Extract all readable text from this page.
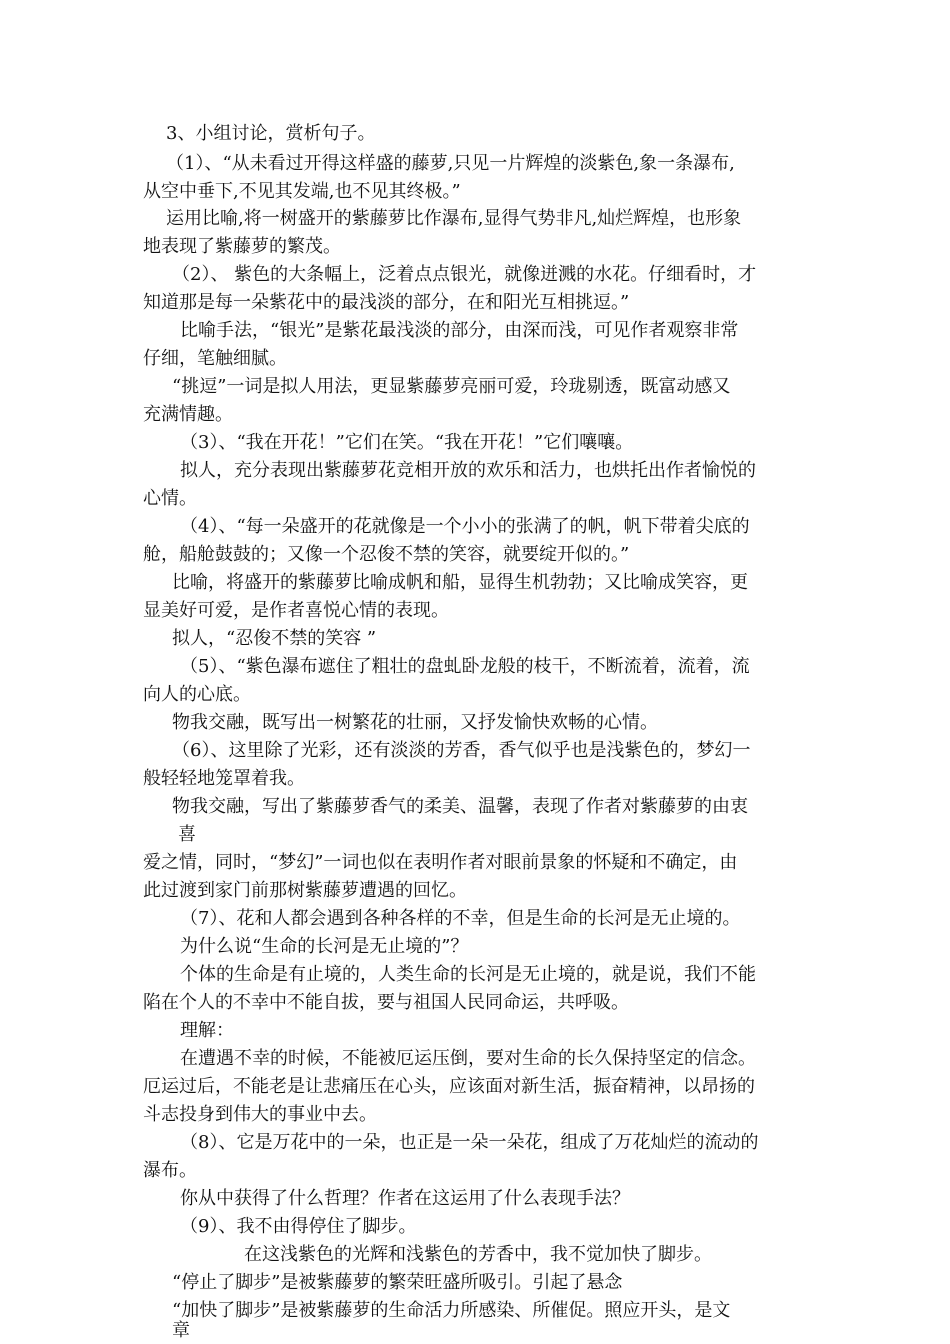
3、小组讨论，赏析句子。
（1）、“从未看过开得这样盛的藤萝,只见一片辉煌的淡紫色,象一条瀑布,
从空中垂下,不见其发端,也不见其终极。”
运用比喻,将一树盛开的紫藤萝比作瀑布,显得气势非凡,灿烂辉煌，也形象
地表现了紫藤萝的繁茂。
（2）、 紫色的大条幅上，泛着点点银光，就像迸溅的水花。仔细看时，才
知道那是每一朵紫花中的最浅淡的部分，在和阳光互相挑逗。”
比喻手法，“银光”是紫花最浅淡的部分，由深而浅，可见作者观察非常
仔细，笔触细腻。
“挑逗”一词是拟人用法，更显紫藤萝亮丽可爱，玲珑剔透，既富动感又
充满情趣。
（3）、“我在开花！”它们在笑。“我在开花！”它们嚷嚷。
拟人，充分表现出紫藤萝花竞相开放的欢乐和活力，也烘托出作者愉悦的
心情。
（4）、“每一朵盛开的花就像是一个小小的张满了的帆，帆下带着尖底的
舱，船舱鼓鼓的；又像一个忍俊不禁的笑容，就要绽开似的。”
比喻，将盛开的紫藤萝比喻成帆和船，显得生机勃勃；又比喻成笑容，更
显美好可爱，是作者喜悦心情的表现。
拟人，“忍俊不禁的笑容 ”
（5）、“紫色瀑布遮住了粗壮的盘虬卧龙般的枝干，不断流着，流着，流
向人的心底。
物我交融，既写出一树繁花的壮丽，又抒发愉快欢畅的心情。
（6）、这里除了光彩，还有淡淡的芳香，香气似乎也是浅紫色的，梦幻一
般轻轻地笼罩着我。
物我交融，写出了紫藤萝香气的柔美、温馨，表现了作者对紫藤萝的由衷
喜
爱之情，同时，“梦幻”一词也似在表明作者对眼前景象的怀疑和不确定，由
此过渡到家门前那树紫藤萝遭遇的回忆。
（7）、花和人都会遇到各种各样的不幸，但是生命的长河是无止境的。
为什么说“生命的长河是无止境的”？
个体的生命是有止境的，人类生命的长河是无止境的，就是说，我们不能
陷在个人的不幸中不能自拔，要与祖国人民同命运，共呼吸。
理解：
在遭遇不幸的时候，不能被厄运压倒，要对生命的长久保持坚定的信念。
厄运过后，不能老是让悲痛压在心头，应该面对新生活，振奋精神，以昂扬的
斗志投身到伟大的事业中去。
（8）、它是万花中的一朵，也正是一朵一朵花，组成了万花灿烂的流动的
瀑布。
你从中获得了什么哲理？作者在这运用了什么表现手法？
（9）、我不由得停住了脚步。
在这浅紫色的光辉和浅紫色的芳香中，我不觉加快了脚步。
“停止了脚步”是被紫藤萝的繁荣旺盛所吸引。引起了悬念
“加快了脚步”是被紫藤萝的生命活力所感染、所催促。照应开头，是文
章
